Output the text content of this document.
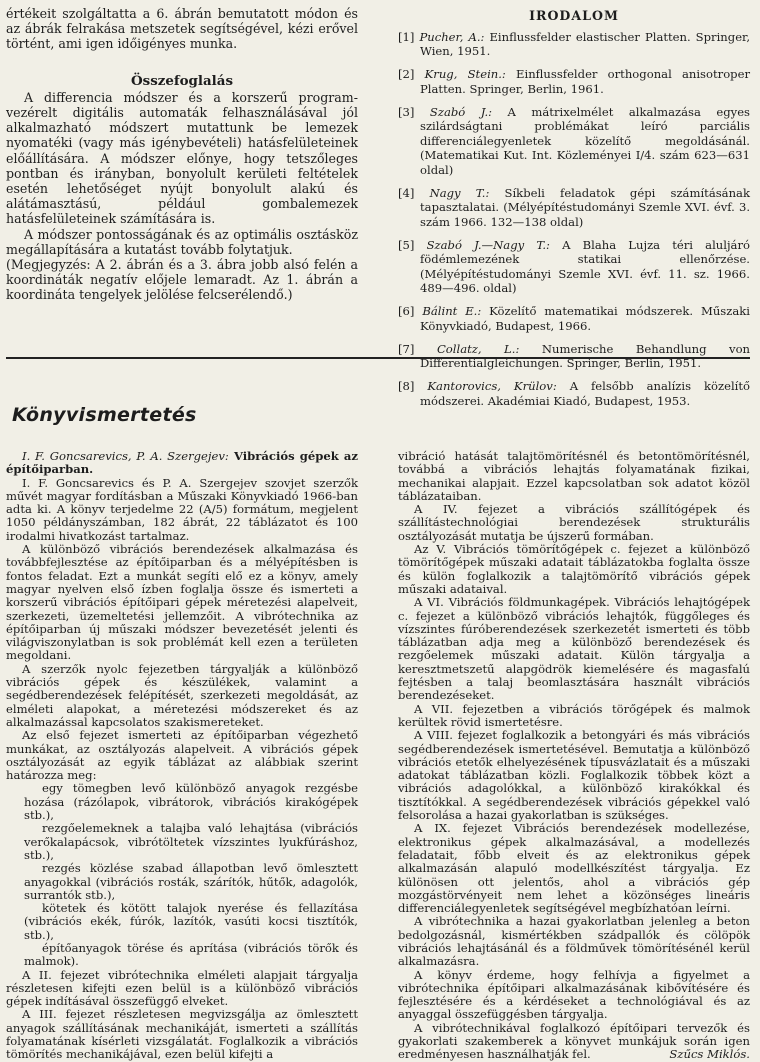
értékeit szolgáltatta a 6. ábrán bemutatott módon és az ábrák felrakása metszetek segítségével, kézi erővel történt, ami igen időigényes munka.

Összefoglalás

A differencia módszer és a korszerű program-vezérelt digitális automaták felhasználásával jól alkalmazható módszert mutattunk be lemezek nyomatéki (vagy más igénybevételi) hatásfelületeinek előállítására. A módszer előnye, hogy tetszőleges pontban és irányban, bonyolult kerületi feltételek esetén lehetőséget nyújt bonyolult alakú és alátámasztású, például gombalemezek hatásfelületeinek számítására is.

A módszer pontosságának és az optimális osztásköz megállapítására a kutatást tovább folytatjuk.

(Megjegyzés: A 2. ábrán és a 3. ábra jobb alsó felén a koordináták negatív előjele lemaradt. Az 1. ábrán a koordináta tengelyek jelölése felcserélendő.)

IRODALOM

[1] Pucher, A.: Einflussfelder elastischer Platten. Springer, Wien, 1951.

[2] Krug, Stein.: Einflussfelder orthogonal anisotroper Platten. Springer, Berlin, 1961.

[3] Szabó J.: A mátrixelmélet alkalmazása egyes szilárdságtani problémákat leíró parciális differenciálegyenletek közelítő megoldásánál. (Matematikai Kut. Int. Közleményei I/4. szám 623—631 oldal)

[4] Nagy T.: Síkbeli feladatok gépi számításának tapasztalatai. (Mélyépítéstudományi Szemle XVI. évf. 3. szám 1966. 132—138 oldal)

[5] Szabó J.—Nagy T.: A Blaha Lujza téri aluljáró födémlemezének statikai ellenőrzése. (Mélyépítéstudományi Szemle XVI. évf. 11. sz. 1966. 489—496. oldal)

[6] Bálint E.: Közelítő matematikai módszerek. Műszaki Könyvkiadó, Budapest, 1966.

[7] Collatz, L.: Numerische Behandlung von Differentialgleichungen. Springer, Berlin, 1951.

[8] Kantorovics, Krülov: A felsőbb analízis közelítő módszerei. Akadémiai Kiadó, Budapest, 1953.

Könyvismertetés

I. F. Goncsarevics, P. A. Szergejev: Vibrációs gépek az építőiparban.

I. F. Goncsarevics és P. A. Szergejev szovjet szerzők művét magyar fordításban a Műszaki Könyvkiadó 1966-ban adta ki. A könyv terjedelme 22 (A/5) formátum, megjelent 1050 példányszámban, 182 ábrát, 22 táblázatot és 100 irodalmi hivatkozást tartalmaz.

A különböző vibrációs berendezések alkalmazása és továbbfejlesztése az építőiparban és a mélyépítésben is fontos feladat. Ezt a munkát segíti elő ez a könyv, amely magyar nyelven első ízben foglalja össze és ismerteti a korszerű vibrációs építőipari gépek méretezési alapelveit, szerkezeti, üzemeltetési jellemzőit. A vibrótechnika az építőiparban új műszaki módszer bevezetését jelenti és világviszonylatban is sok problémát kell ezen a területen megoldani.

A szerzők nyolc fejezetben tárgyalják a különböző vibrációs gépek és készülékek, valamint a segédberendezések felépítését, szerkezeti megoldását, az elméleti alapokat, a méretezési módszereket és az alkalmazással kapcsolatos szakismereteket.

Az első fejezet ismerteti az építőiparban végezhető munkákat, az osztályozás alapelveit. A vibrációs gépek osztályozását az egyik táblázat az alábbiak szerint határozza meg:

egy tömegben levő különböző anyagok rezgésbe hozása (rázólapok, vibrátorok, vibrációs kirakógépek stb.),

rezgőelemeknek a talajba való lehajtása (vibrációs verőkalapácsok, vibrótöltetek vízszintes lyukfúráshoz, stb.),

rezgés közlése szabad állapotban levő ömlesztett anyagokkal (vibrációs rosták, szárítók, hűtők, adagolók, surrantók stb.),

kötetek és kötött talajok nyerése és fellazítása (vibrációs ekék, fúrók, lazítók, vasúti kocsi tisztítók, stb.),

építőanyagok törése és aprítása (vibrációs törők és malmok).

A II. fejezet vibrótechnika elméleti alapjait tárgyalja részletesen kifejti ezen belül is a különböző vibrációs gépek indításával összefüggő elveket.

A III. fejezet részletesen megvizsgálja az ömlesztett anyagok szállításának mechanikáját, ismerteti a szállítás folyamatának kísérleti vizsgálatát. Foglalkozik a vibrációs tömörítés mechanikájával, ezen belül kifejti a

vibráció hatását talajtömörítésnél és betontömörítésnél, továbbá a vibrációs lehajtás folyamatának fizikai, mechanikai alapjait. Ezzel kapcsolatban sok adatot közöl táblázataiban.

A IV. fejezet a vibrációs szállítógépek és szállítástechnológiai berendezések strukturális osztályozását mutatja be újszerű formában.

Az V. Vibrációs tömörítőgépek c. fejezet a különböző tömörítőgépek műszaki adatait táblázatokba foglalta össze és külön foglalkozik a talajtömörítő vibrációs gépek műszaki adataival.

A VI. Vibrációs földmunkagépek. Vibrációs lehajtógépek c. fejezet a különböző vibrációs lehajtók, függőleges és vízszintes fúróberendezések szerkezetét ismerteti és több táblázatban adja meg a különböző berendezések és rezgőelemek műszaki adatait. Külön tárgyalja a keresztmetszetű alapgödrök kiemelésére és magasfalú fejtésben a talaj beomlasztására használt vibrációs berendezéseket.

A VII. fejezetben a vibrációs törőgépek és malmok kerültek rövid ismertetésre.

A VIII. fejezet foglalkozik a betongyári és más vibrációs segédberendezések ismertetésével. Bemutatja a különböző vibrációs etetők elhelyezésének típusvázlatait és a műszaki adatokat táblázatban közli. Foglalkozik többek közt a vibrációs adagolókkal, a különböző kirakókkal és tisztítókkal. A segédberendezések vibrációs gépekkel való felsorolása a hazai gyakorlatban is szükséges.

A IX. fejezet Vibrációs berendezések modellezése, elektronikus gépek alkalmazásával, a modellezés feladatait, főbb elveit és az elektronikus gépek alkalmazásán alapuló modellkészítést tárgyalja. Ez különösen ott jelentős, ahol a vibrációs gép mozgástörvényeit nem lehet a közönséges lineáris differenciálegyenletek segítségével megbízhatóan leírni.

A vibrótechnika a hazai gyakorlatban jelenleg a beton bedolgozásnál, kismértékben szádpallók és cölöpök vibrációs lehajtásánál és a földművek tömörítésénél kerül alkalmazásra.

A könyv érdeme, hogy felhívja a figyelmet a vibrótechnika építőipari alkalmazásának kibővítésére és fejlesztésére és a kérdéseket a technológiával és az anyaggal összefüggésben tárgyalja.

A vibrótechnikával foglalkozó építőipari tervezők és gyakorlati szakemberek a könyvet munkájuk során igen eredményesen használhatják fel.	Szűcs Miklós.
